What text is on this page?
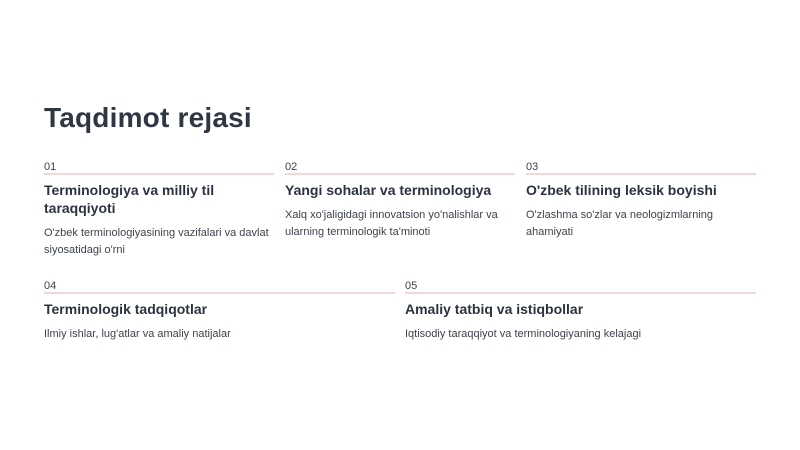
Taqdimot rejasi
01
Terminologiya va milliy til taraqqiyoti

O'zbek terminologiyasining vazifalari va davlat siyosatidagi o'rni

02
Yangi sohalar va terminologiya

Xalq xo'jaligidagi innovatsion yo'nalishlar va ularning terminologik ta'minoti

03
O'zbek tilining leksik boyishi

O'zlashma so'zlar va neologizmlarning ahamiyati

04
Terminologik tadqiqotlar

Ilmiy ishlar, lug'atlar va amaliy natijalar

05
Amaliy tatbiq va istiqbollar

Iqtisodiy taraqqiyot va terminologiyaning kelajagi
